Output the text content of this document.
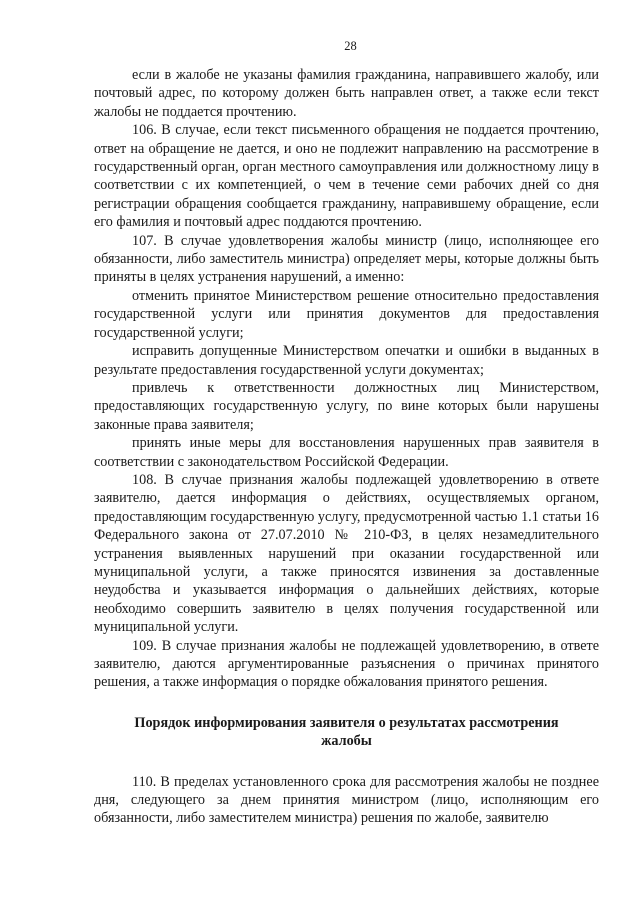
28

если в жалобе не указаны фамилия гражданина, направившего жалобу, или почтовый адрес, по которому должен быть направлен ответ, а также если текст жалобы не поддается прочтению.

106. В случае, если текст письменного обращения не поддается прочтению, ответ на обращение не дается, и оно не подлежит направлению на рассмотрение в государственный орган, орган местного самоуправления или должностному лицу в соответствии с их компетенцией, о чем в течение семи рабочих дней со дня регистрации обращения сообщается гражданину, направившему обращение, если его фамилия и почтовый адрес поддаются прочтению.

107. В случае удовлетворения жалобы министр (лицо, исполняющее его обязанности, либо заместитель министра) определяет меры, которые должны быть приняты в целях устранения нарушений, а именно:

отменить принятое Министерством решение относительно предоставления государственной услуги или принятия документов для предоставления государственной услуги;

исправить допущенные Министерством опечатки и ошибки в выданных в результате предоставления государственной услуги документах;

привлечь к ответственности должностных лиц Министерством, предоставляющих государственную услугу, по вине которых были нарушены законные права заявителя;

принять иные меры для восстановления нарушенных прав заявителя в соответствии с законодательством Российской Федерации.

108. В случае признания жалобы подлежащей удовлетворению в ответе заявителю, дается информация о действиях, осуществляемых органом, предоставляющим государственную услугу, предусмотренной частью 1.1 статьи 16 Федерального закона от 27.07.2010 № 210-ФЗ, в целях незамедлительного устранения выявленных нарушений при оказании государственной или муниципальной услуги, а также приносятся извинения за доставленные неудобства и указывается информация о дальнейших действиях, которые необходимо совершить заявителю в целях получения государственной или муниципальной услуги.

109. В случае признания жалобы не подлежащей удовлетворению, в ответе заявителю, даются аргументированные разъяснения о причинах принятого решения, а также информация о порядке обжалования принятого решения.

Порядок информирования заявителя о результатах рассмотрения
жалобы

110. В пределах установленного срока для рассмотрения жалобы не позднее дня, следующего за днем принятия министром (лицо, исполняющим его обязанности, либо заместителем министра) решения по жалобе, заявителю
